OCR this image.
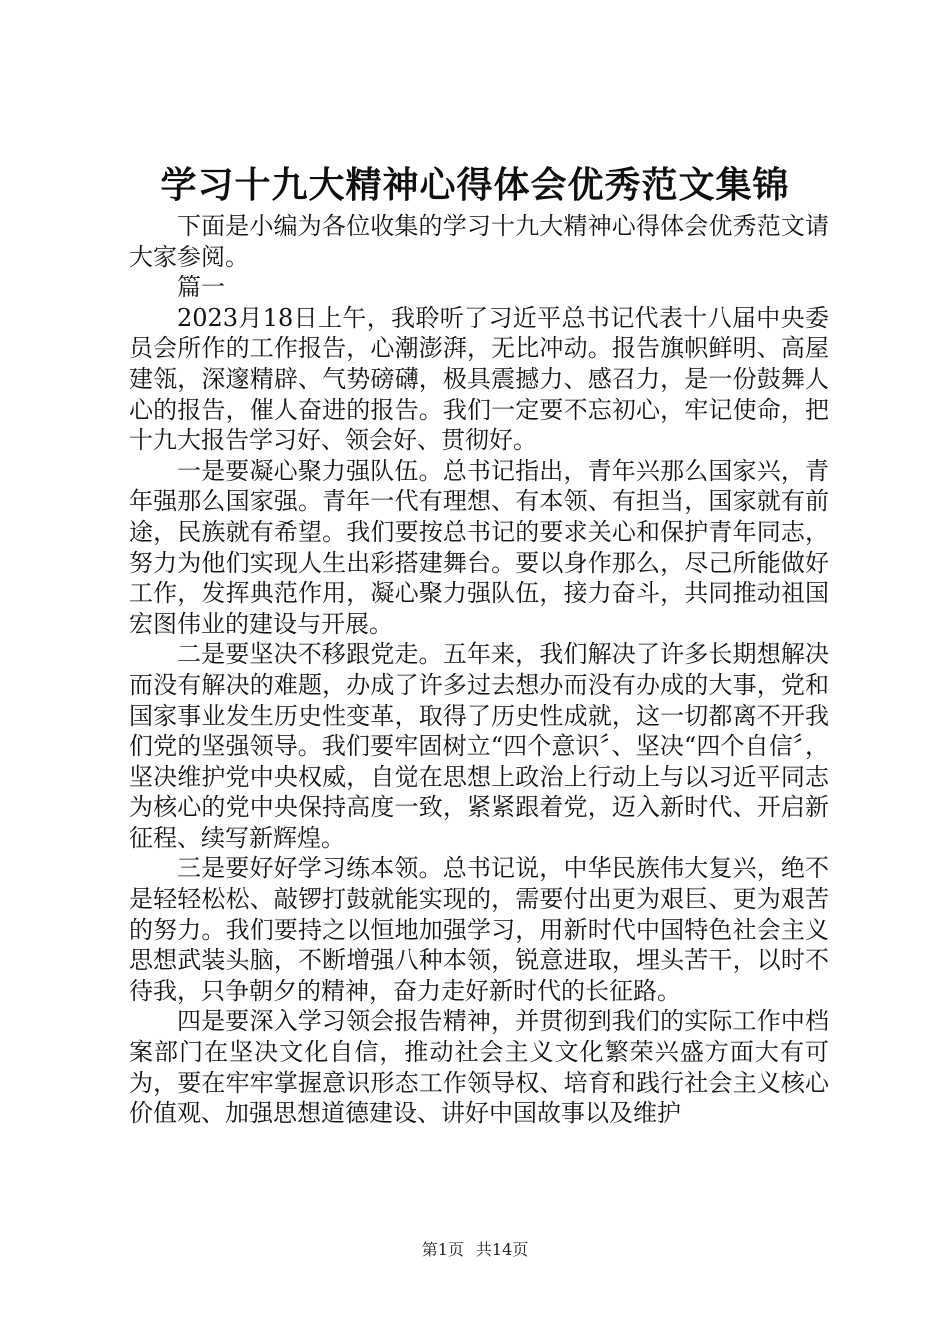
学习十九大精神心得体会优秀范文集锦

下面是小编为各位收集的学习十九大精神心得体会优秀范文请大家参阅。

篇一

2023月18日上午，我聆听了习近平总书记代表十八届中央委员会所作的工作报告，心潮澎湃，无比冲动。报告旗帜鲜明、高屋建瓴，深邃精辟、气势磅礴，极具震撼力、感召力，是一份鼓舞人心的报告，催人奋进的报告。我们一定要不忘初心，牢记使命，把十九大报告学习好、领会好、贯彻好。

一是要凝心聚力强队伍。总书记指出，青年兴那么国家兴，青年强那么国家强。青年一代有理想、有本领、有担当，国家就有前途，民族就有希望。我们要按总书记的要求关心和保护青年同志，努力为他们实现人生出彩搭建舞台。要以身作那么，尽己所能做好工作，发挥典范作用，凝心聚力强队伍，接力奋斗，共同推动祖国宏图伟业的建设与开展。

二是要坚决不移跟党走。五年来，我们解决了许多长期想解决而没有解决的难题，办成了许多过去想办而没有办成的大事，党和国家事业发生历史性变革，取得了历史性成就，这一切都离不开我们党的坚强领导。我们要牢固树立“四个意识〞、坚决“四个自信〞，坚决维护党中央权威，自觉在思想上政治上行动上与以习近平同志为核心的党中央保持高度一致，紧紧跟着党，迈入新时代、开启新征程、续写新辉煌。

三是要好好学习练本领。总书记说，中华民族伟大复兴，绝不是轻轻松松、敲锣打鼓就能实现的，需要付出更为艰巨、更为艰苦的努力。我们要持之以恒地加强学习，用新时代中国特色社会主义思想武装头脑，不断增强八种本领，锐意进取，埋头苦干，以时不待我，只争朝夕的精神，奋力走好新时代的长征路。

四是要深入学习领会报告精神，并贯彻到我们的实际工作中档案部门在坚决文化自信，推动社会主义文化繁荣兴盛方面大有可为，要在牢牢掌握意识形态工作领导权、培育和践行社会主义核心价值观、加强思想道德建设、讲好中国故事以及维护

第1页 共14页
